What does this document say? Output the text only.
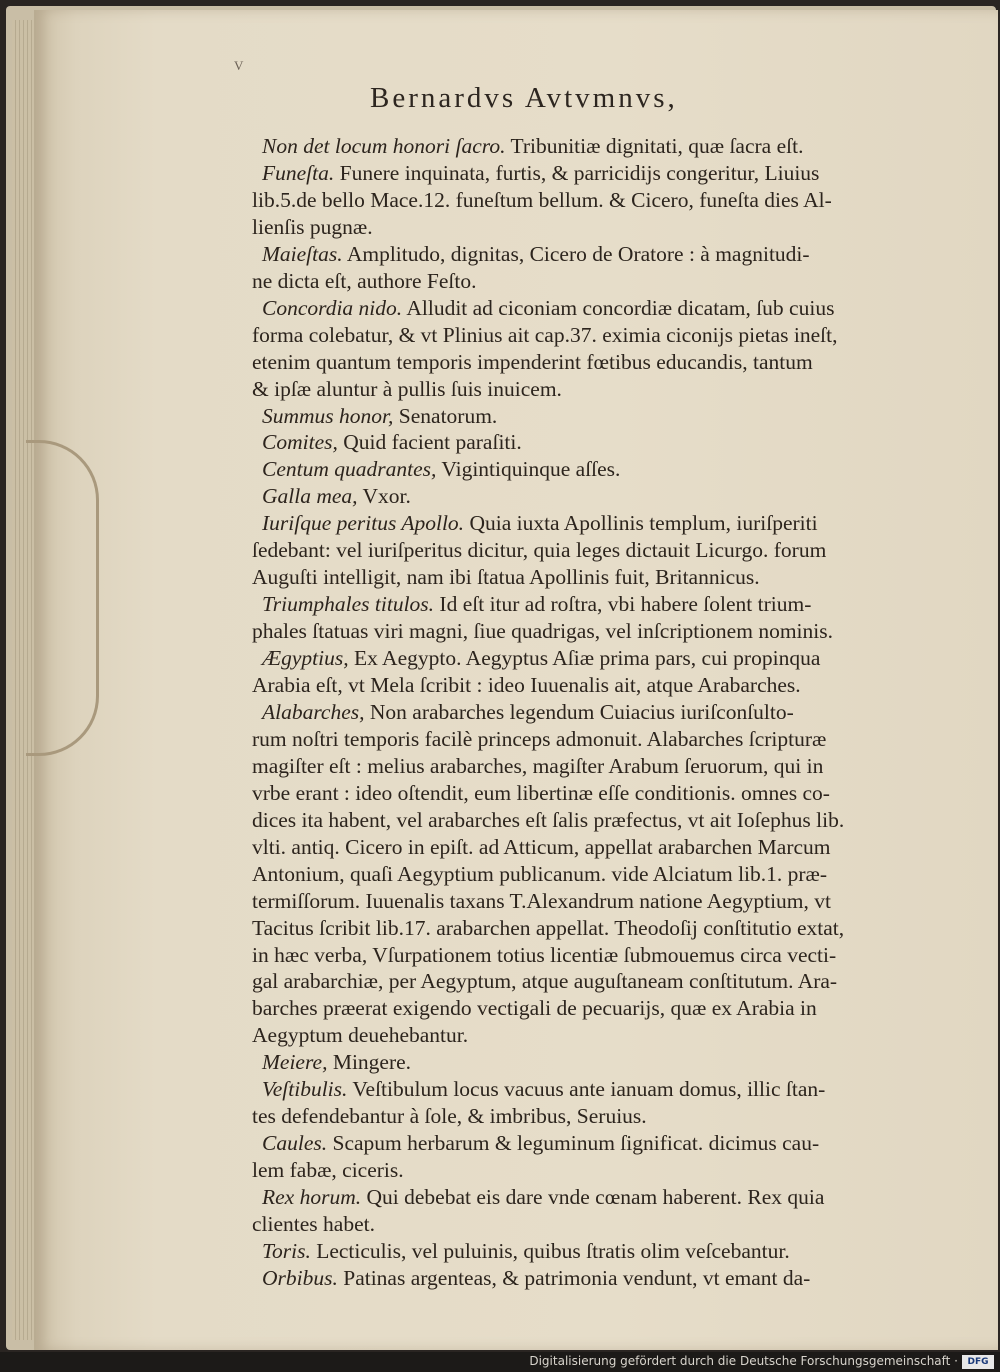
V
Bernardvs Avtvmnvs,
Non det locum honori ſacro. Tribunitiæ dignitati, quæ ſacra eſt.
Funeſta. Funere inquinata, furtis, & parricidijs congeritur, Liuius
lib.5.de bello Mace.12. funeſtum bellum. & Cicero, funeſta dies Al-
lienſis pugnæ.
Maieſtas. Amplitudo, dignitas, Cicero de Oratore : à magnitudi-
ne dicta eſt, authore Feſto.
Concordia nido. Alludit ad ciconiam concordiæ dicatam, ſub cuius
forma colebatur, & vt Plinius ait cap.37. eximia ciconijs pietas ineſt,
etenim quantum temporis impenderint fœtibus educandis, tantum
& ipſæ aluntur à pullis ſuis inuicem.
Summus honor, Senatorum.
Comites, Quid facient paraſiti.
Centum quadrantes, Vigintiquinque aſſes.
Galla mea, Vxor.
Iuriſque peritus Apollo. Quia iuxta Apollinis templum, iuriſperiti
ſedebant: vel iuriſperitus dicitur, quia leges dictauit Licurgo. forum
Auguſti intelligit, nam ibi ſtatua Apollinis fuit, Britannicus.
Triumphales titulos. Id eſt itur ad roſtra, vbi habere ſolent trium-
phales ſtatuas viri magni, ſiue quadrigas, vel inſcriptionem nominis.
Ægyptius, Ex Aegypto. Aegyptus Aſiæ prima pars, cui propinqua
Arabia eſt, vt Mela ſcribit : ideo Iuuenalis ait, atque Arabarches.
Alabarches, Non arabarches legendum Cuiacius iuriſconſulto-
rum noſtri temporis facilè princeps admonuit. Alabarches ſcripturæ
magiſter eſt : melius arabarches, magiſter Arabum ſeruorum, qui in
vrbe erant : ideo oſtendit, eum libertinæ eſſe conditionis. omnes co-
dices ita habent, vel arabarches eſt ſalis præfectus, vt ait Ioſephus lib.
vlti. antiq. Cicero in epiſt. ad Atticum, appellat arabarchen Marcum
Antonium, quaſi Aegyptium publicanum. vide Alciatum lib.1. præ-
termiſſorum. Iuuenalis taxans T.Alexandrum natione Aegyptium, vt
Tacitus ſcribit lib.17. arabarchen appellat. Theodoſij conſtitutio extat,
in hæc verba, Vſurpationem totius licentiæ ſubmouemus circa vecti-
gal arabarchiæ, per Aegyptum, atque auguſtaneam conſtitutum. Ara-
barches præerat exigendo vectigali de pecuarijs, quæ ex Arabia in
Aegyptum deuehebantur.
Meiere, Mingere.
Veſtibulis. Veſtibulum locus vacuus ante ianuam domus, illic ſtan-
tes defendebantur à ſole, & imbribus, Seruius.
Caules. Scapum herbarum & leguminum ſignificat. dicimus cau-
lem fabæ, ciceris.
Rex horum. Qui debebat eis dare vnde cœnam haberent. Rex quia
clientes habet.
Toris. Lecticulis, vel puluinis, quibus ſtratis olim veſcebantur.
Orbibus. Patinas argenteas, & patrimonia vendunt, vt emant da-
Digitalisierung gefördert durch die Deutsche Forschungsgemeinschaft ·	DFG
